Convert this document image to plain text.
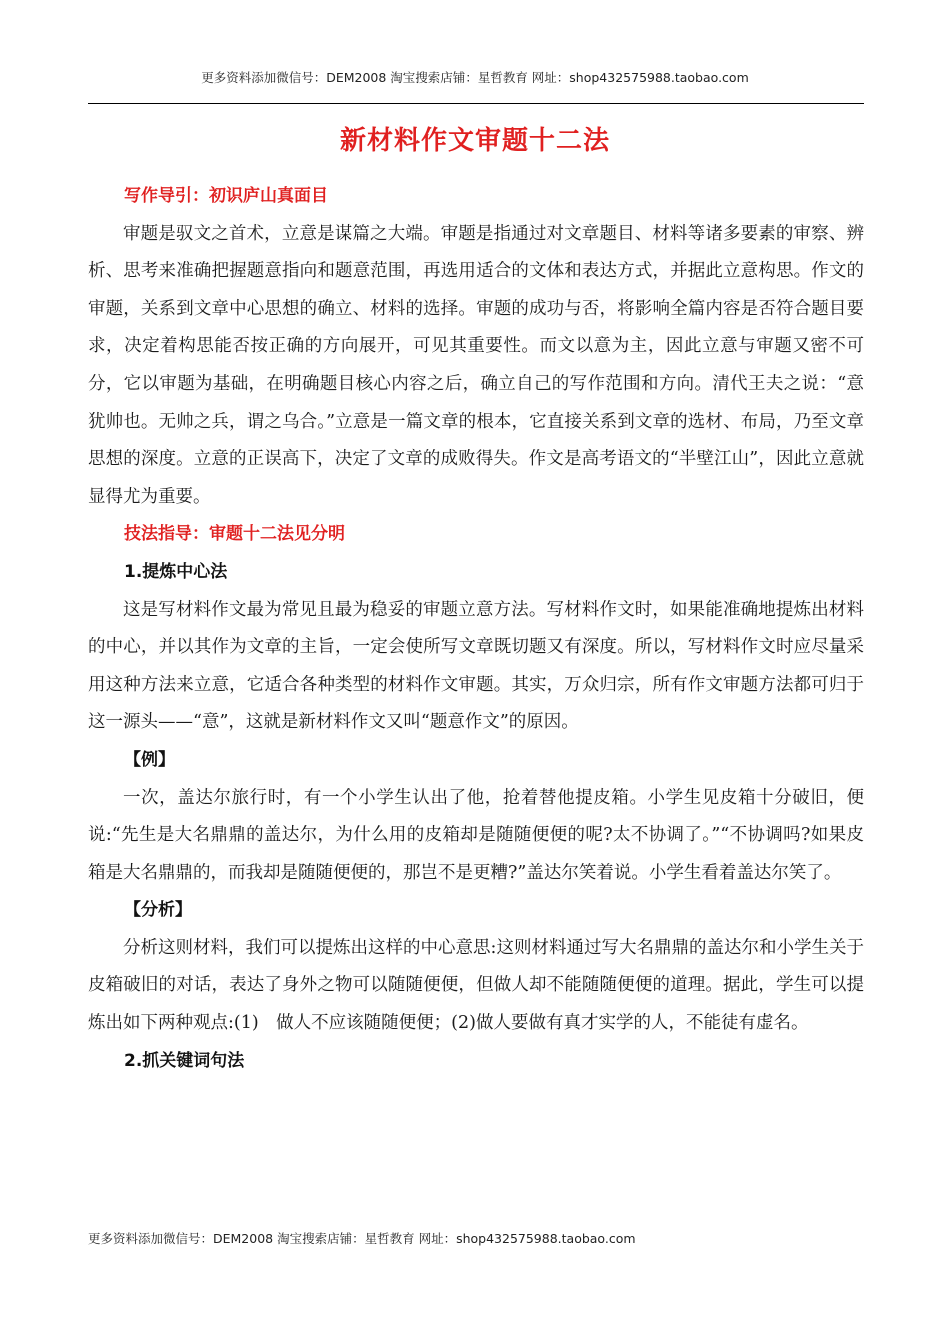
更多资料添加微信号：DEM2008 淘宝搜索店铺：星哲教育 网址：shop432575988.taobao.com
新材料作文审题十二法
写作导引：初识庐山真面目

审题是驭文之首术，立意是谋篇之大端。审题是指通过对文章题目、材料等诸多要素的审察、辨析、思考来准确把握题意指向和题意范围，再选用适合的文体和表达方式，并据此立意构思。作文的审题，关系到文章中心思想的确立、材料的选择。审题的成功与否，将影响全篇内容是否符合题目要求，决定着构思能否按正确的方向展开，可见其重要性。而文以意为主，因此立意与审题又密不可分，它以审题为基础，在明确题目核心内容之后，确立自己的写作范围和方向。清代王夫之说：“意犹帅也。无帅之兵，谓之乌合。”立意是一篇文章的根本，它直接关系到文章的选材、布局，乃至文章思想的深度。立意的正误高下，决定了文章的成败得失。作文是高考语文的“半壁江山”，因此立意就显得尤为重要。

技法指导：审题十二法见分明
1.提炼中心法

这是写材料作文最为常见且最为稳妥的审题立意方法。写材料作文时，如果能准确地提炼出材料的中心，并以其作为文章的主旨，一定会使所写文章既切题又有深度。所以，写材料作文时应尽量采用这种方法来立意，它适合各种类型的材料作文审题。其实，万众归宗，所有作文审题方法都可归于这一源头——“意”，这就是新材料作文又叫“题意作文”的原因。

【例】

一次，盖达尔旅行时，有一个小学生认出了他，抢着替他提皮箱。小学生见皮箱十分破旧，便说:“先生是大名鼎鼎的盖达尔，为什么用的皮箱却是随随便便的呢?太不协调了。”“不协调吗?如果皮箱是大名鼎鼎的，而我却是随随便便的，那岂不是更糟?”盖达尔笑着说。小学生看着盖达尔笑了。

【分析】

分析这则材料，我们可以提炼出这样的中心意思:这则材料通过写大名鼎鼎的盖达尔和小学生关于皮箱破旧的对话，表达了身外之物可以随随便便，但做人却不能随随便便的道理。据此，学生可以提炼出如下两种观点:(1)　做人不应该随随便便；(2)做人要做有真才实学的人，不能徒有虚名。

2.抓关键词句法
更多资料添加微信号：DEM2008 淘宝搜索店铺：星哲教育 网址：shop432575988.taobao.com
